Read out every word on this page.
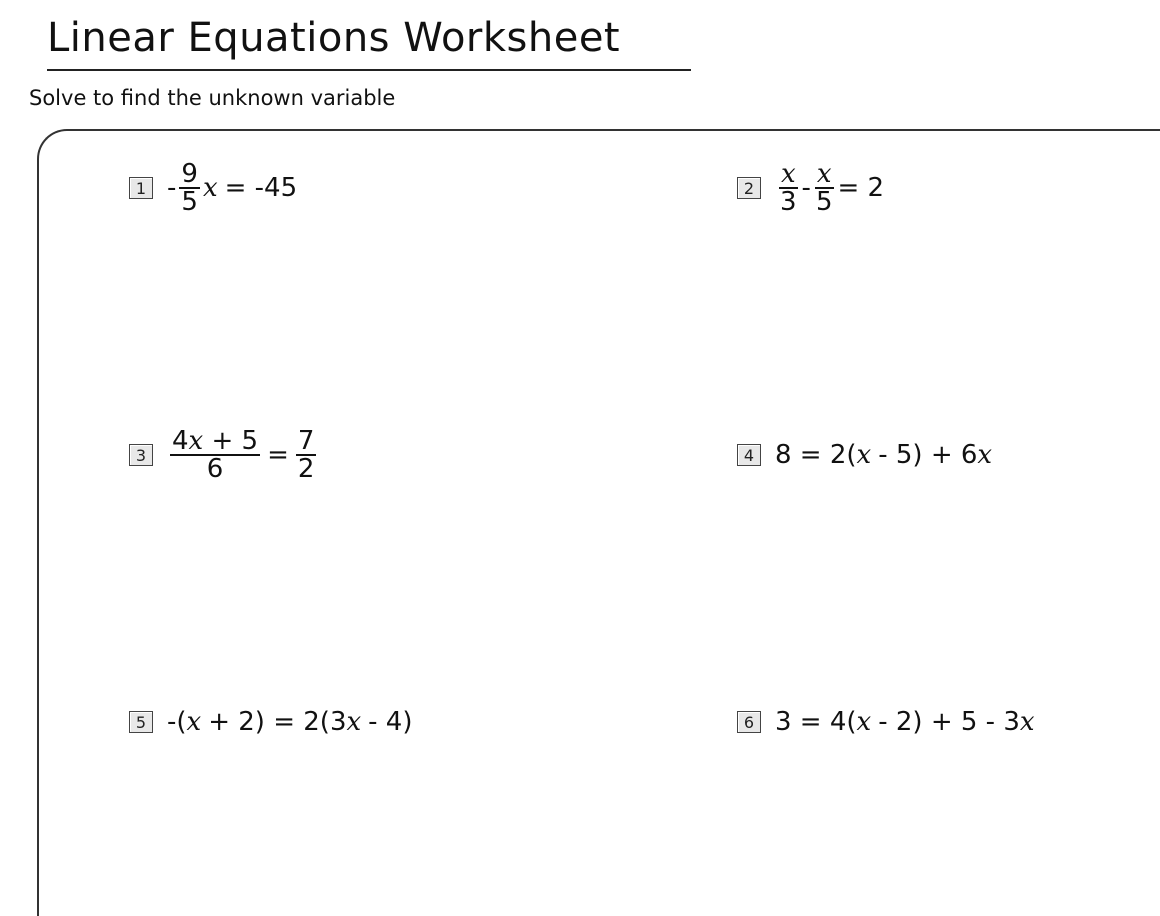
Linear Equations Worksheet
Solve to find the unknown variable
$1 - \frac{9}{5}$ x = -45	$2 \frac{x}{3} - \frac{x}{5} = 2$
$3 \frac{4x + 5}{6} = \frac{7}{2}$	4 8 = 2( x - 5) + 6 x
5 -( x + 2) = 2(3 x - 4)	6 3 = 4( x - 2) + 5 - 3 x
